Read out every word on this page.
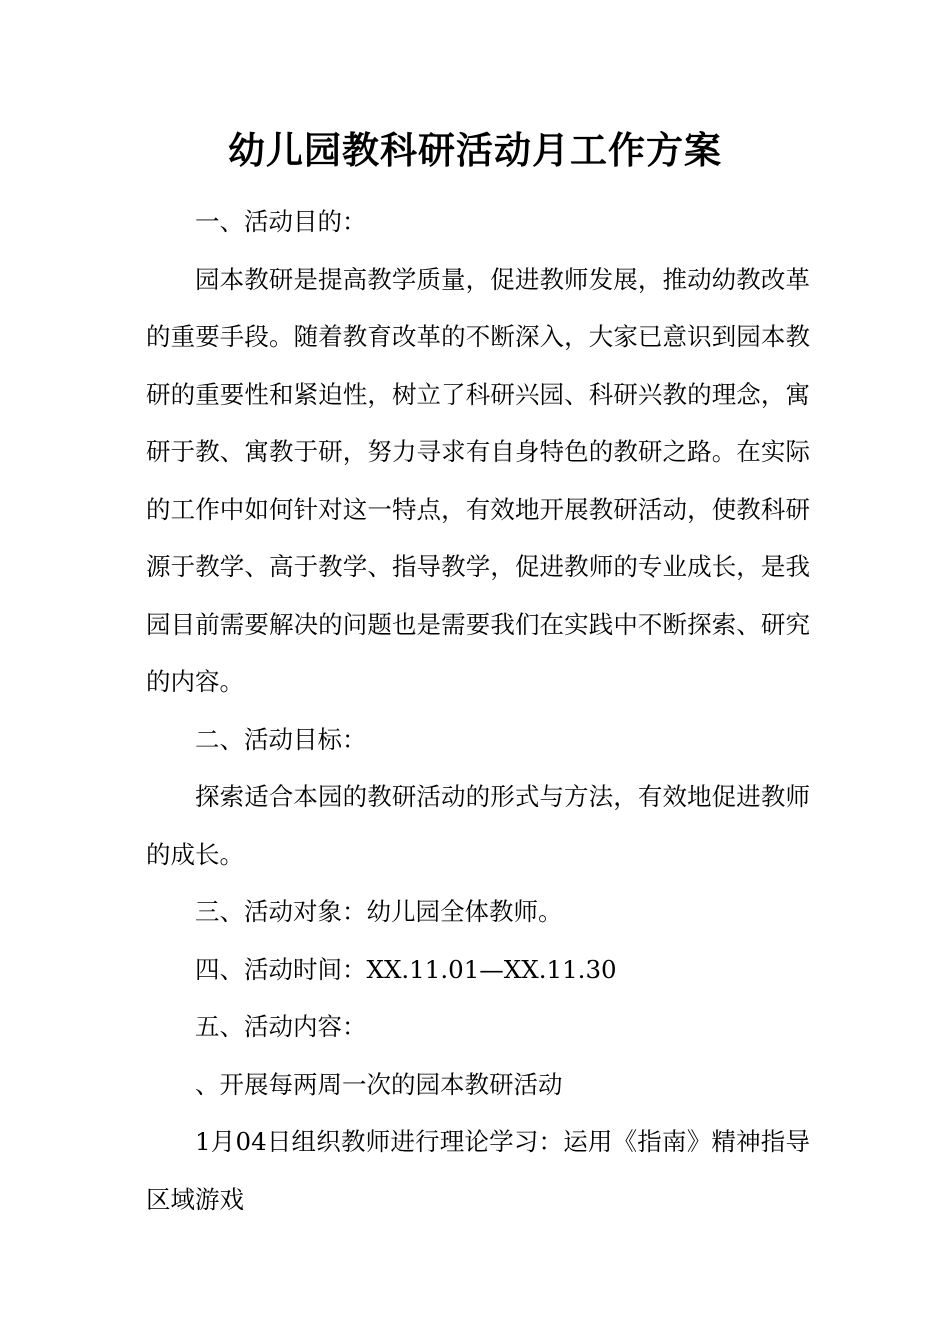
幼儿园教科研活动月工作方案

一、活动目的：

园本教研是提高教学质量，促进教师发展，推动幼教改革的重要手段。随着教育改革的不断深入，大家已意识到园本教研的重要性和紧迫性，树立了科研兴园、科研兴教的理念，寓研于教、寓教于研，努力寻求有自身特色的教研之路。在实际的工作中如何针对这一特点，有效地开展教研活动，使教科研源于教学、高于教学、指导教学，促进教师的专业成长，是我园目前需要解决的问题也是需要我们在实践中不断探索、研究的内容。

二、活动目标：

探索适合本园的教研活动的形式与方法，有效地促进教师的成长。

三、活动对象：幼儿园全体教师。

四、活动时间：XX.11.01—XX.11.30

五、活动内容：

、开展每两周一次的园本教研活动

1月04日组织教师进行理论学习：运用《指南》精神指导区域游戏
